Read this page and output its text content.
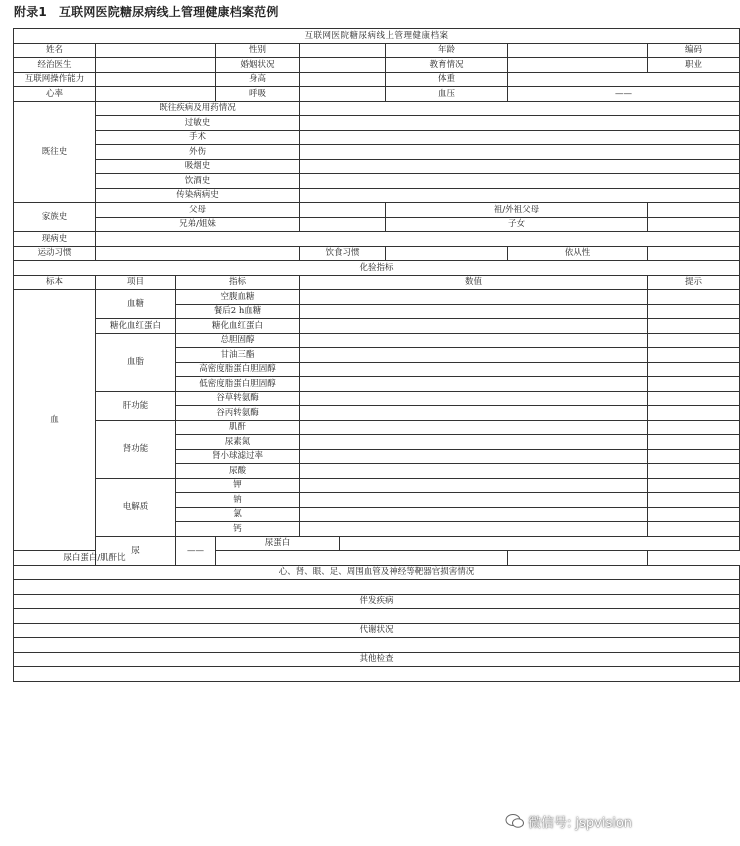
附录1 互联网医院糖尿病线上管理健康档案范例
互联网医院糖尿病线上管理健康档案									
姓名			性别			年龄		编码	
经治医生			婚姻状况			教育情况		职业	
互联网操作能力			身高			体重			
心率			呼吸			血压	——		
既往史	既往疾病及用药情况								
	过敏史								
	手术								
	外伤								
	吸烟史								
	饮酒史								
	传染病病史								
家族史	父母					祖/外祖父母			
	兄弟/姐妹					子女			
现病史									
运动习惯				饮食习惯			依从性		
化验指标									
标本	项目	指标		数值				提示	
血	血糖	空腹血糖							
		餐后2 h血糖							
	糖化血红蛋白	糖化血红蛋白							
	血脂	总胆固醇							
		甘油三酯							
		高密度脂蛋白胆固醇							
		低密度脂蛋白胆固醇							
	肝功能	谷草转氨酶							
		谷丙转氨酶							
	肾功能	肌酐							
		尿素氮							
		肾小球滤过率							
		尿酸							
	电解质	钾							
		钠							
		氯							
		钙							
	尿	——	尿蛋白						
尿白蛋白/肌酐比									
心、肾、眼、足、周围血管及神经等靶器官损害情况									

伴发疾病									

代谢状况									

其他检查									

微信号: jspvision
